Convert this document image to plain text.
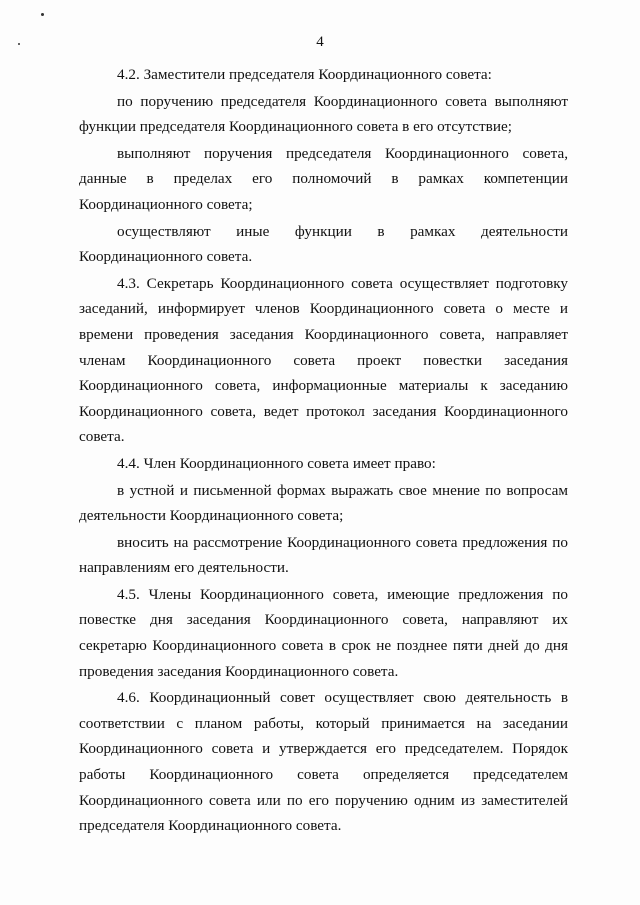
4

4.2. Заместители председателя Координационного совета:

по поручению председателя Координационного совета выполняют функции председателя Координационного совета в его отсутствие;

выполняют поручения председателя Координационного совета, данные в пределах его полномочий в рамках компетенции Координационного совета;

осуществляют иные функции в рамках деятельности Координационного совета.

4.3. Секретарь Координационного совета осуществляет подготовку заседаний, информирует членов Координационного совета о месте и времени проведения заседания Координационного совета, направляет членам Координационного совета проект повестки заседания Координационного совета, информационные материалы к заседанию Координационного совета, ведет протокол заседания Координационного совета.

4.4. Член Координационного совета имеет право:

в устной и письменной формах выражать свое мнение по вопросам деятельности Координационного совета;

вносить на рассмотрение Координационного совета предложения по направлениям его деятельности.

4.5. Члены Координационного совета, имеющие предложения по повестке дня заседания Координационного совета, направляют их секретарю Координационного совета в срок не позднее пяти дней до дня проведения заседания Координационного совета.

4.6. Координационный совет осуществляет свою деятельность в соответствии с планом работы, который принимается на заседании Координационного совета и утверждается его председателем. Порядок работы Координационного совета определяется председателем Координационного совета или по его поручению одним из заместителей председателя Координационного совета.
